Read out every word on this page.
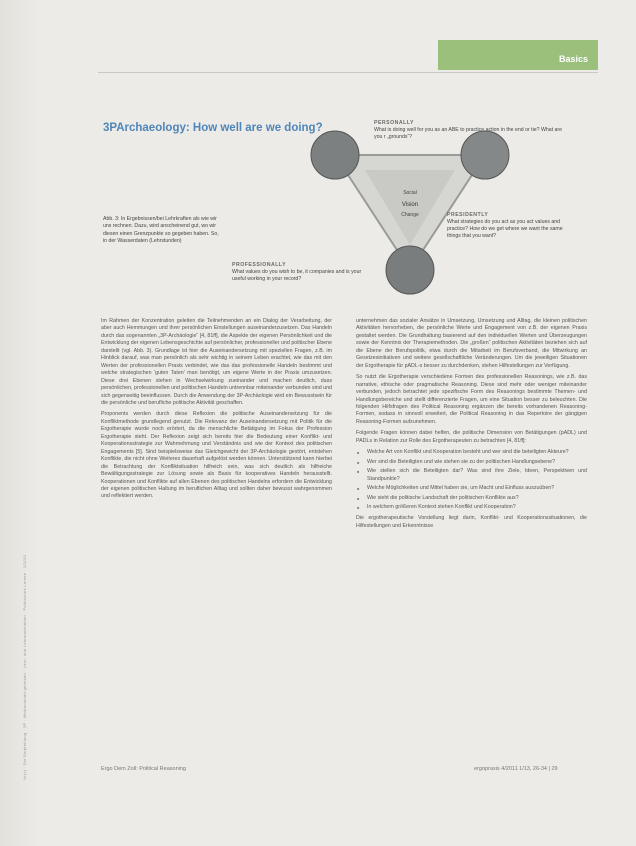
Nr(c) · Die Empfehlung · 3P · Medieninhalt geleistet · Lern- und Lehrmaterialien · Politisches Lernen · 1/2011
Basics
3PArchaeology: How well are we doing?
Social
Vision
Change
PERSONALLY
What is doing well for you as an ABE to practice action in the end or tie? What are you r „grounds“?
PRESIDENTLY
What strategies do you act as you act values and practice? How do we get where we want the same things that you want?
PROFESSIONALLY
What values do you wish to be, it companies and is your useful working in your record?
Abb. 3: In Ergebnissen/bei Lehrkraften als wie wir uns rechnen. Dazu, wird anscheinend gut, wo wir diesen einen Grenzpunkte so gegeben haben. So, in der Wasserdaten (Lehrstunden)

Im Rahmen der Konzentration geleiten die Teilnehmenden an ein Dialog der Verarbeitung, der aber auch Hemmungen und ihrer persönlichen Einstellungen auseinanderzusetzen. Das Handeln durch das sogenannten „3P-Archäologie“ [4, 81ff], die Aspekte der eigenen Persönlichkeit und die Entwicklung der eigenen Lebensgeschichte auf persönlicher, professioneller und politischer Ebene darstellt (vgl. Abb. 3). Grundlage ist hier die Auseinandersetzung mit speziellen Fragen, z.B. im Hinblick darauf, was man persönlich als sehr wichtig in seinem Leben erachtet, wie das mit den Werten der professionellen Praxis verbindet, wie das das professionelle Handeln bestimmt und welche strategischen 'guten Taten' man benötigt, um eigene Werte in der Praxis umzusetzen. Diese drei Ebenen stehen in Wechselwirkung zueinander und machen deutlich, dass persönlichen, professionellen und politischen Handeln untrennbar miteinander verbunden sind und sich gegenseitig beeinflussen. Durch die Anwendung der 3P-Archäologie wird ein Bewusstsein für die persönliche und berufliche politische Aktivität geschaffen.

Proponents werden durch diese Reflexion die politische Auseinandersetzung für die Konfliktmethode grundlegend genutzt. Die Relevanz der Auseinandersetzung mit Politik für die Ergotherapie wurde noch erörtert, da die menschliche Betätigung im Fokus der Profession Ergotherapie steht. Der Reflexion zeigt sich bereits hier die Bedeutung einer Konflikt- und Kooperationsstrategie zur Wahrnehmung und Verständnis und wie der Kontext des politischen Engagements [5]. Sind beispielsweise das Gleichgewicht der 3P-Archäologie gestört, entstehen Konflikte, die nicht ohne Weiteres dauerhaft aufgelöst werden können. Unterstützend kann hierbei die Betrachtung der Konfliktsituation hilfreich sein, was sich deutlich als hilfreiche Bewältigungsstrategie zur Lösung sowie als Basis für kooperatives Handeln herausstellt. Kooperationen und Konflikte auf allen Ebenen des politischen Handelns erfordern die Entwicklung der eigenen politischen Haltung im beruflichen Alltag und sollten daher bewusst wahrgenommen und reflektiert werden.

unternehmen das sozialer Ansätze in Umsetzung, Umsetzung und Alltag, die kleinen politischen Aktivitäten hervorheben, die persönliche Werte und Engagement von z.B. der eigenen Praxis gestaltet werden. Die Grundhaltung basierend auf den individuellen Werten und Überzeugungen sowie der Kenntnis der Therapiemethoden. Die „großen“ politischen Aktivitäten beziehen sich auf die Ebene der Berufspolitik, etwa durch die Mitarbeit im Berufsverband, die Mitwirkung an Gesetzesinitiativen und weitere gesellschaftliche Veränderungen. Um die jeweiligen Situationen der Ergotherapie für pADL-s besser zu durchdenken, stehen Hilfestellungen zur Verfügung.

So nutzt die Ergotherapie verschiedene Formen des professionellen Reasonings, wie z.B. das narrative, ethische oder pragmatische Reasoning. Diese sind mehr oder weniger miteinander verbunden, jedoch betrachtet jede spezifische Form des Reasonings bestimmte Themen- und Handlungsbereiche und stellt differenzierte Fragen, um eine Situation besser zu beleuchten. Die folgenden Hilfsfragen des Political Reasoning ergänzen die bereits vorhandenen Reasoning-Formen, sodass in sinnvoll erweitert, die Political Reasoning in das Repertoire der gängigen Reasoning-Formen aufzunehmen.

Folgende Fragen können dabei helfen, die politische Dimension von Betätigungen (pADL) und PADLs in Relation zur Rolle des Ergotherapeuten zu betrachten [4, 81ff]:

■ Welche Art von Konflikt und Kooperation besteht und wer sind die beteiligten Akteure?
■ Wer sind die Beteiligten und wie stehen sie zu der politischen Handlungsebene?
■ Wie stellen sich die Beteiligten dar? Was sind ihre Ziele, Ideen, Perspektiven und Standpunkte?
■ Welche Möglichkeiten und Mittel haben sie, um Macht und Einfluss auszuüben?
■ Wie sieht die politische Landschaft der politischen Konflikte aus?
■ In welchem größeren Kontext stehen Konflikt und Kooperation?

Die ergotherapeutische Vorstellung liegt darin, Konflikt- und Kooperationssituationen, die Hilfestellungen und Erkenntnisse

Ergo Dem Zoll: Political Reasoning	ergopraxis 4/2011 1/13, 26-34 | 29
